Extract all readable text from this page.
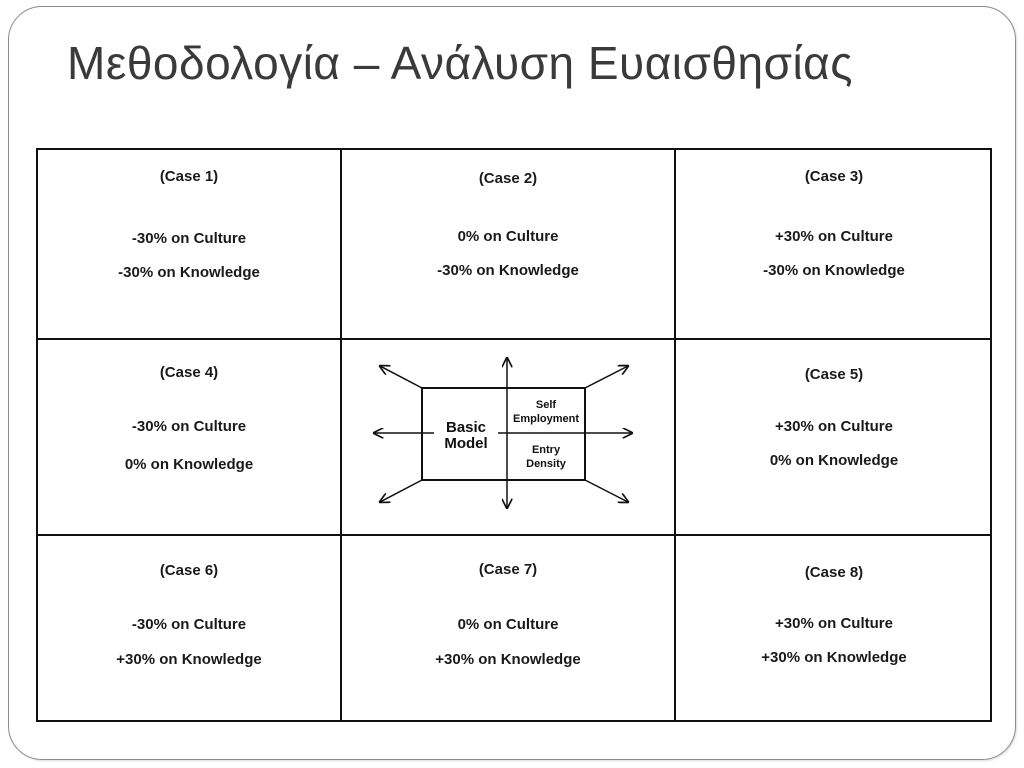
Μεθοδολογία – Ανάλυση Ευαισθησίας
(Case 1)
-30% on Culture
-30% on Knowledge
(Case 2)
0% on Culture
-30% on Knowledge
(Case 3)
+30% on Culture
-30% on Knowledge
(Case 4)
-30% on Culture
0% on Knowledge
Basic
Model
Self
Employment
Entry
Density
(Case 5)
+30% on Culture
0% on Knowledge
(Case 6)
-30% on Culture
+30% on Knowledge
(Case 7)
0% on Culture
+30% on Knowledge
(Case 8)
+30% on Culture
+30% on Knowledge
